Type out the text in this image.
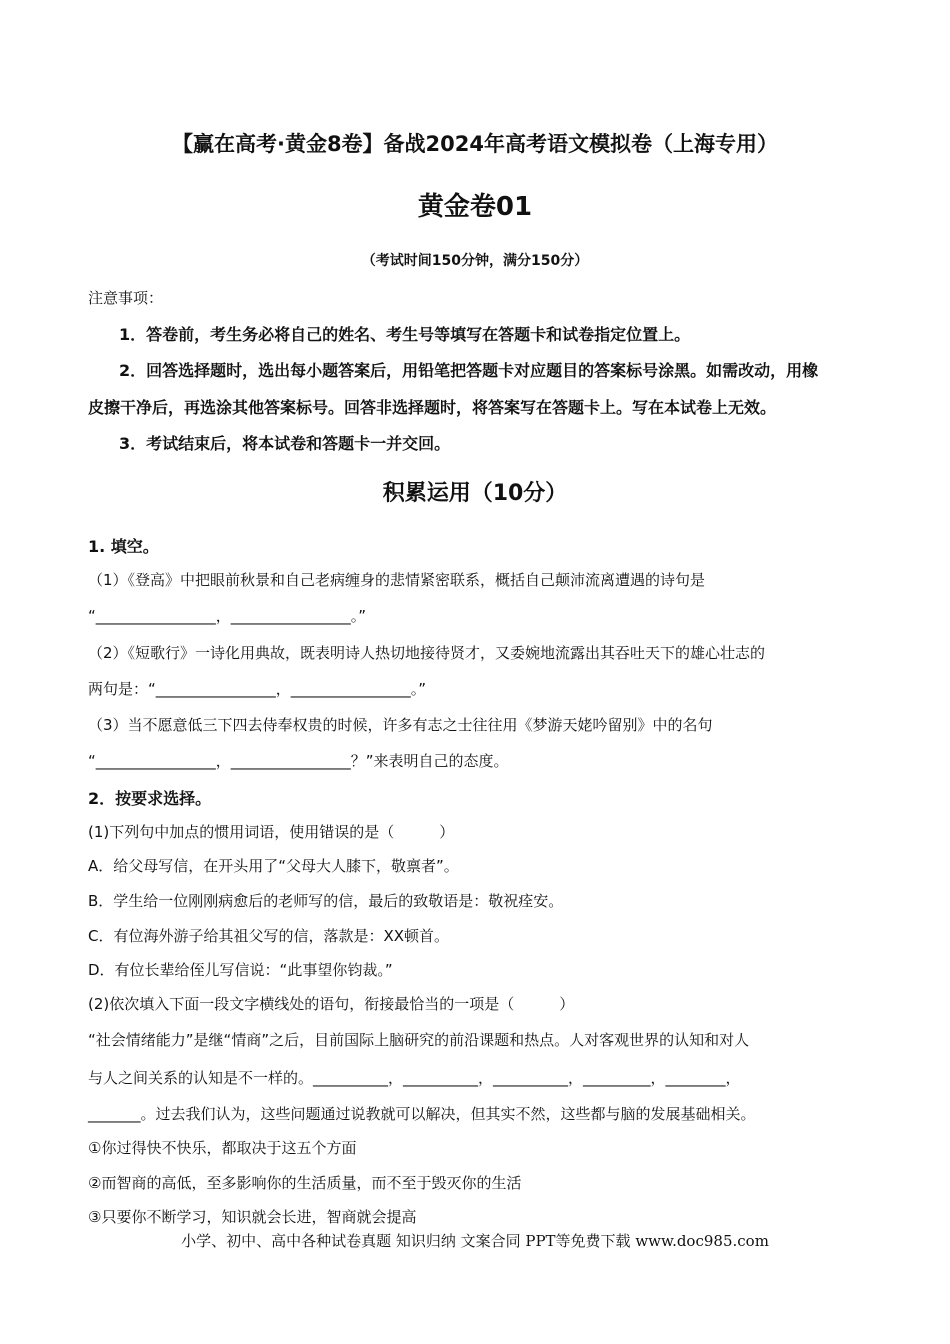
【赢在高考·黄金8卷】备战2024年高考语文模拟卷（上海专用）
黄金卷01
（考试时间150分钟，满分150分）
注意事项：
1．答卷前，考生务必将自己的姓名、考生号等填写在答题卡和试卷指定位置上。
2．回答选择题时，选出每小题答案后，用铅笔把答题卡对应题目的答案标号涂黑。如需改动，用橡
皮擦干净后，再选涂其他答案标号。回答非选择题时，将答案写在答题卡上。写在本试卷上无效。
3．考试结束后，将本试卷和答题卡一并交回。
积累运用（10分）
1. 填空。
（1）《登高》中把眼前秋景和自己老病缠身的悲情紧密联系，概括自己颠沛流离遭遇的诗句是
“________________，________________。”
（2）《短歌行》一诗化用典故，既表明诗人热切地接待贤才，又委婉地流露出其吞吐天下的雄心壮志的
两句是：“________________，________________。”
（3）当不愿意低三下四去侍奉权贵的时候，许多有志之士往往用《梦游天姥吟留别》中的名句
“________________，________________？”来表明自己的态度。
2．按要求选择。
(1)下列句中加点的惯用词语，使用错误的是（　　　）
A．给父母写信，在开头用了“父母大人膝下，敬禀者”。
B．学生给一位刚刚病愈后的老师写的信，最后的致敬语是：敬祝痊安。
C．有位海外游子给其祖父写的信，落款是：XX顿首。
D．有位长辈给侄儿写信说：“此事望你钧裁。”
(2)依次填入下面一段文字横线处的语句，衔接最恰当的一项是（　　　）
“社会情绪能力”是继“情商”之后，目前国际上脑研究的前沿课题和热点。人对客观世界的认知和对人
与人之间关系的认知是不一样的。__________，__________，__________，_________，________，
_______。过去我们认为，这些问题通过说教就可以解决，但其实不然，这些都与脑的发展基础相关。
①你过得快不快乐，都取决于这五个方面
②而智商的高低，至多影响你的生活质量，而不至于毁灭你的生活
③只要你不断学习，知识就会长进，智商就会提高
小学、初中、高中各种试卷真题 知识归纳 文案合同 PPT等免费下载 www.doc985.com
